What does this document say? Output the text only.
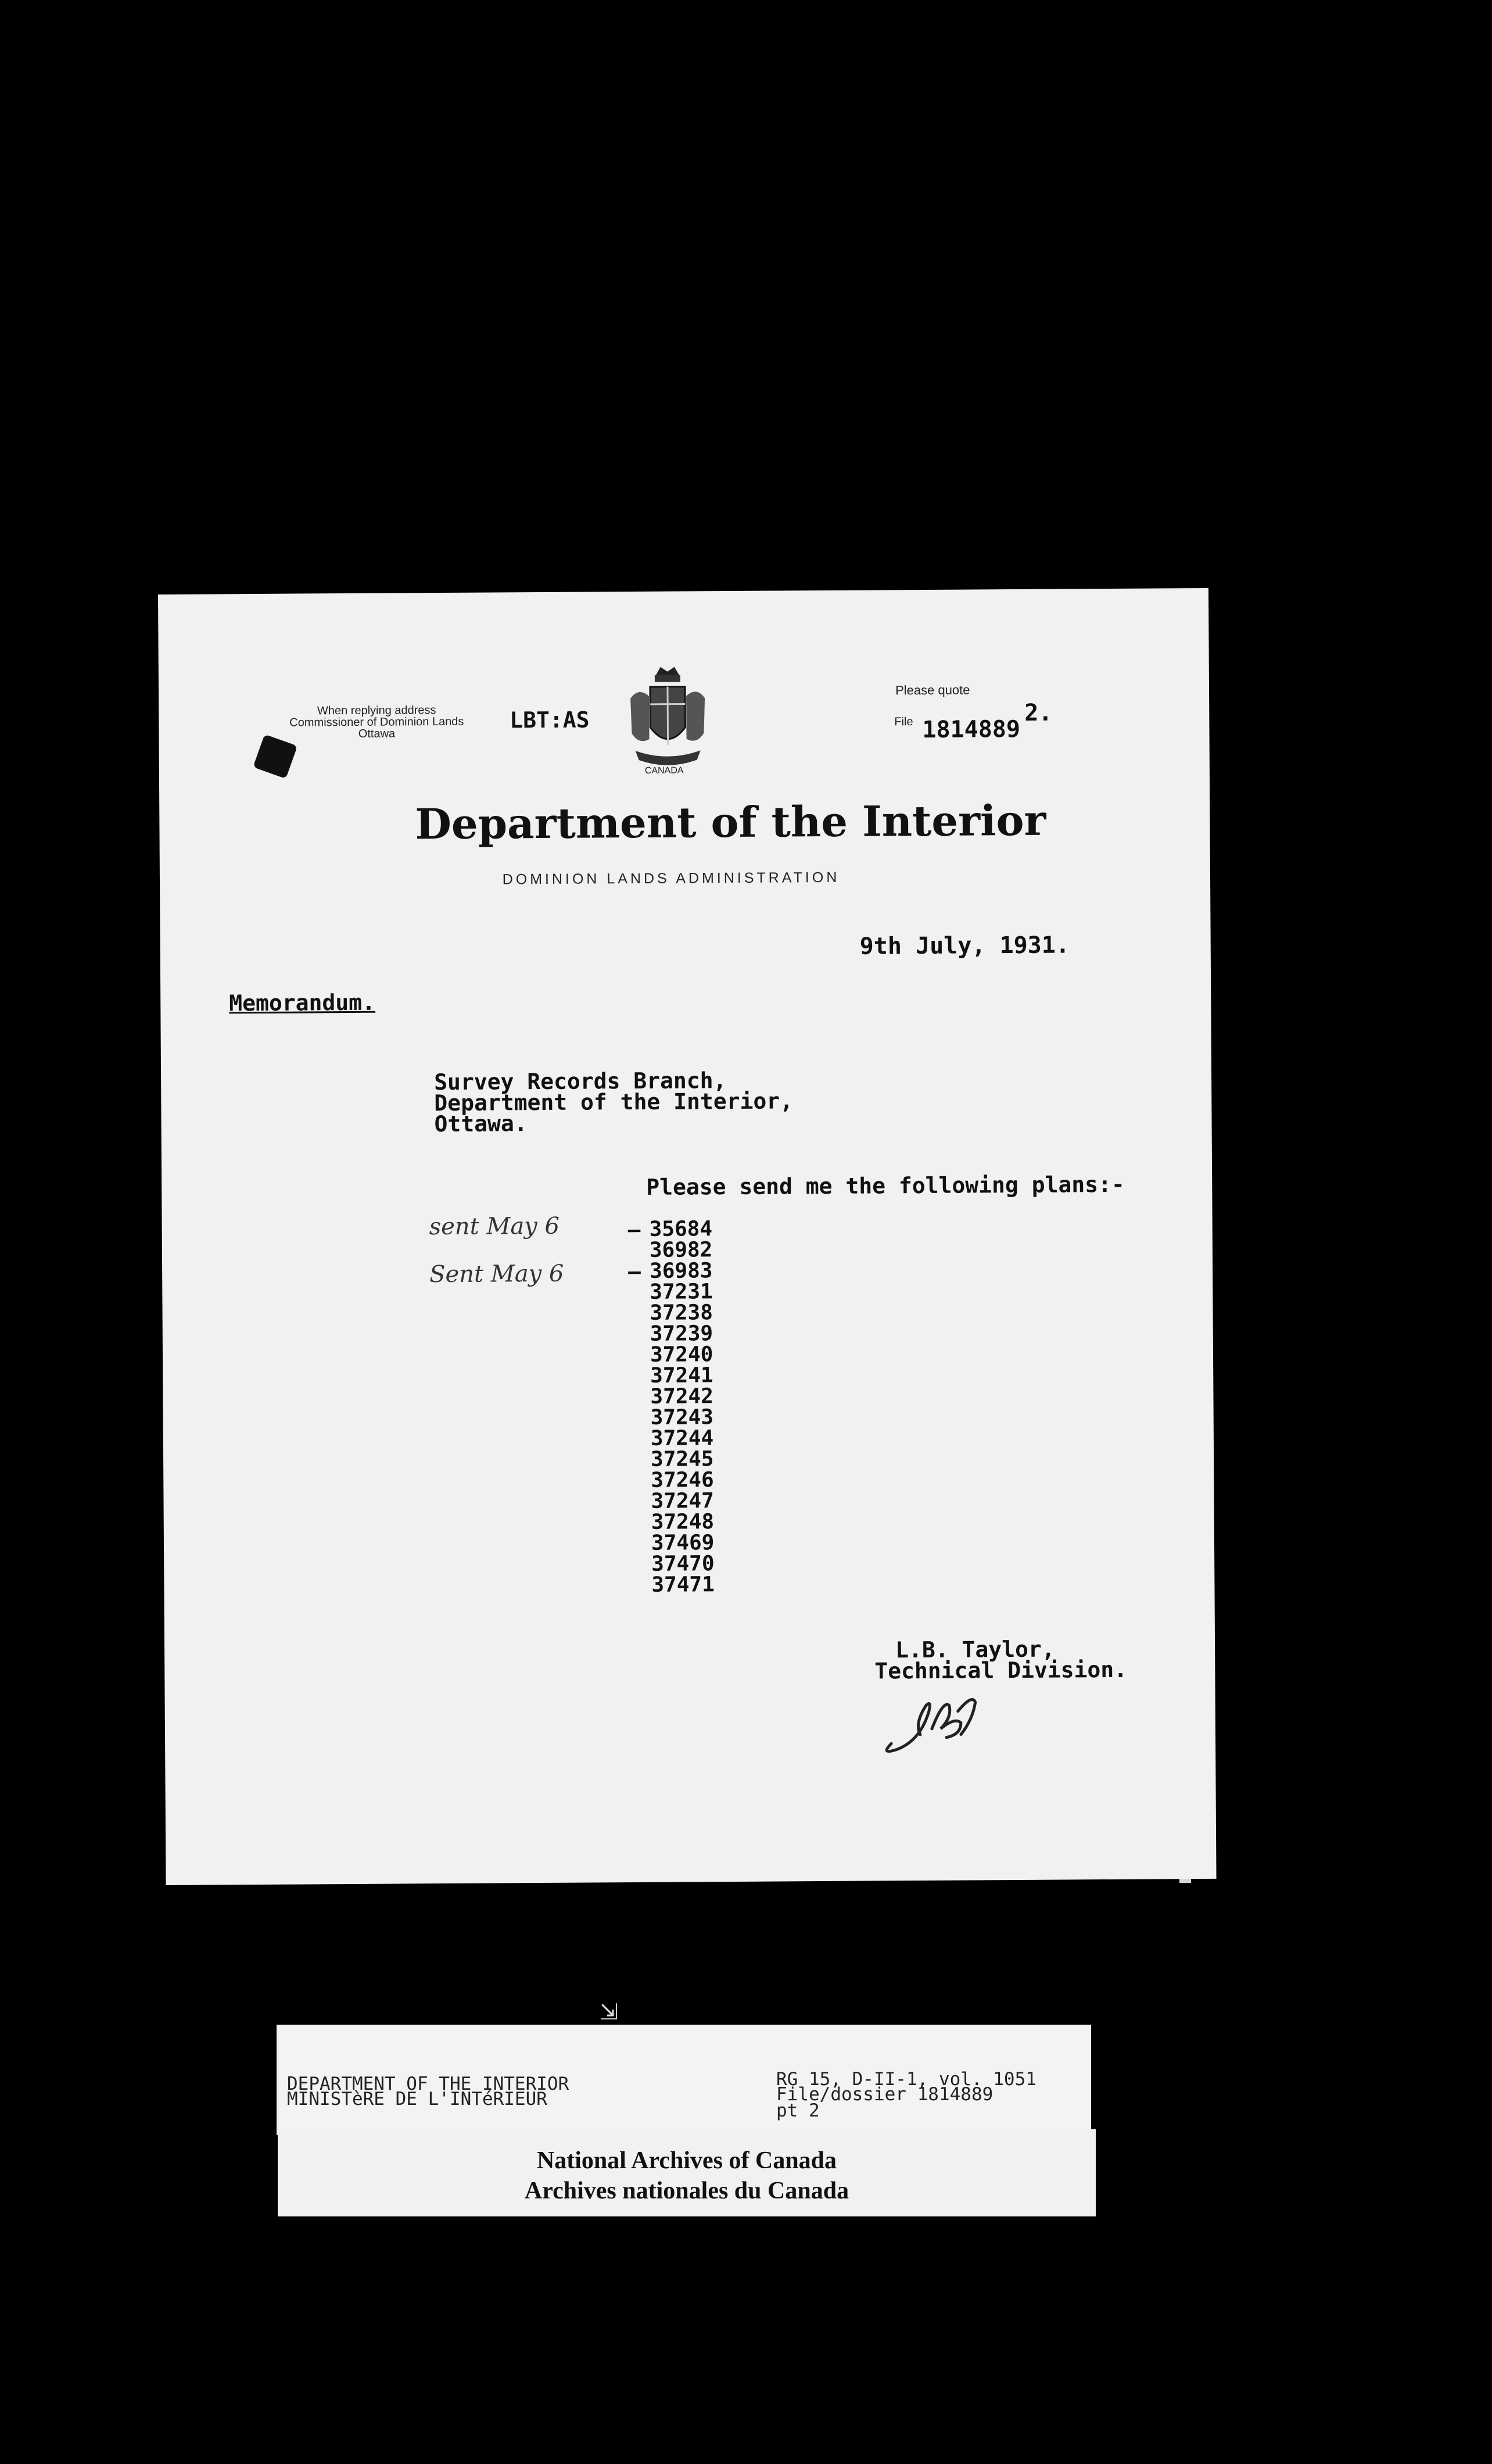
When replying address
Commissioner of Dominion Lands
Ottawa
LBT:AS
CANADA
Please quote
File 1814889
2.
Department of the Interior
DOMINION LANDS ADMINISTRATION
9th July, 1931.
Memorandum.
Survey Records Branch,
Department of the Interior,
Ottawa.
Please send me the following plans:-
35684
36982
36983
37231
37238
37239
37240
37241
37242
37243
37244
37245
37246
37247
37248
37469
37470
37471
—
—
sent May 6
Sent May 6
L.B. Taylor,
Technical Division.
⇲
DEPARTMENT OF THE INTERIOR
MINISTèRE DE L'INTéRIEUR
RG 15, D-II-1, vol. 1051
File/dossier 1814889
pt 2
National Archives of Canada
Archives nationales du Canada
